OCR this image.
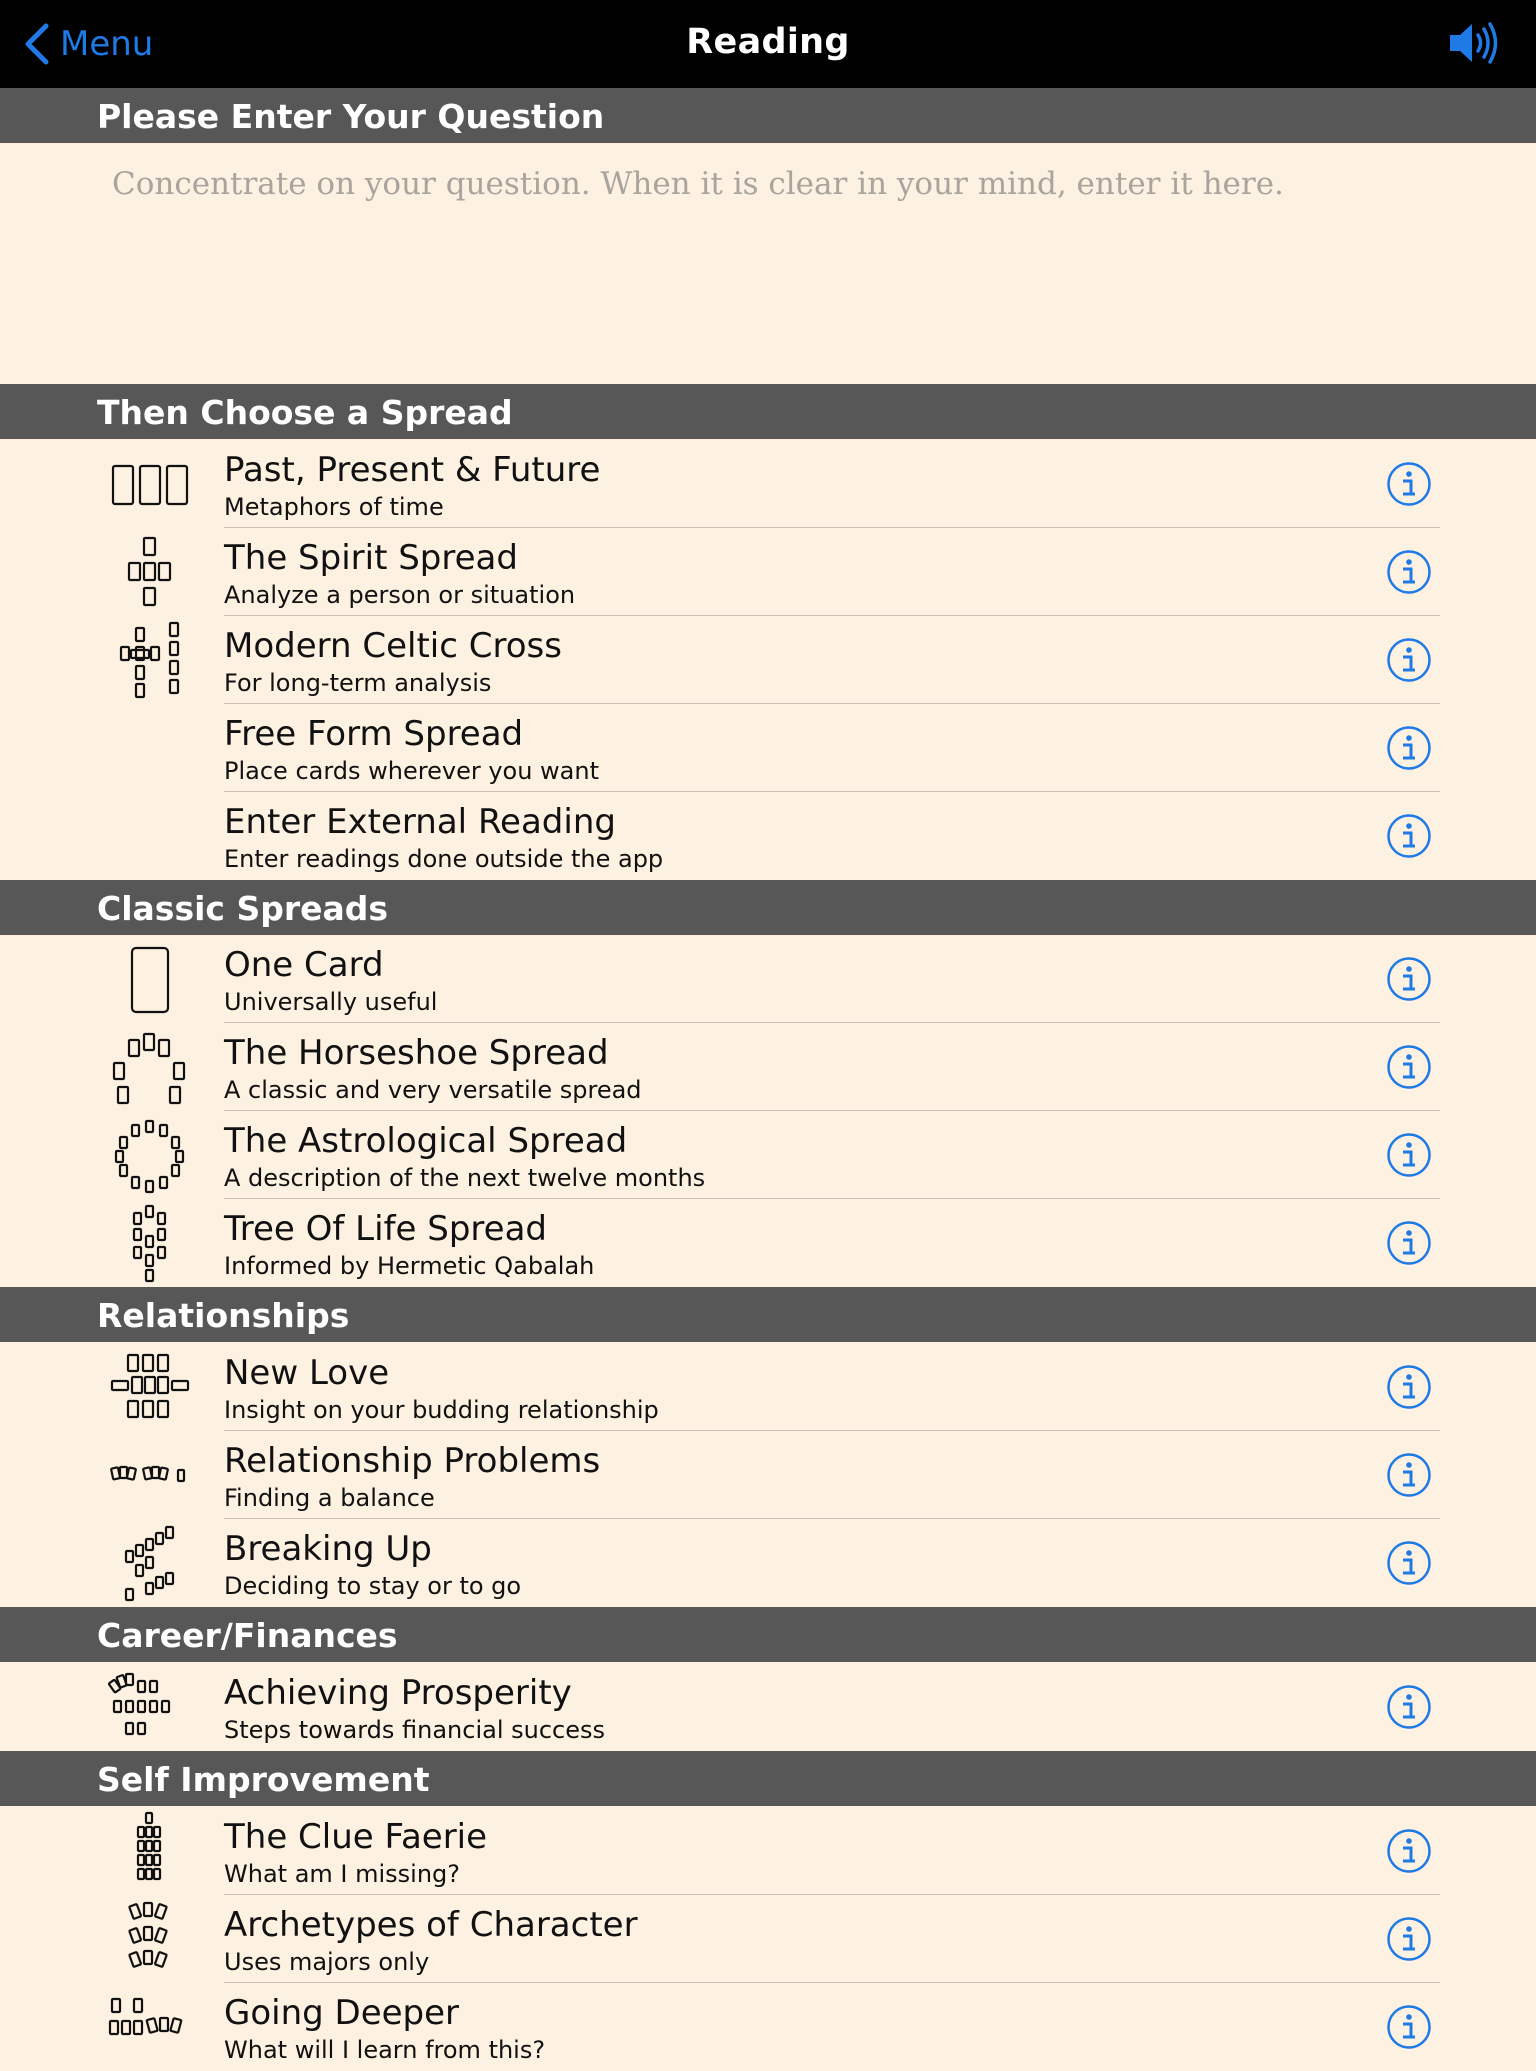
Menu	Reading
Please Enter Your Question
Concentrate on your question. When it is clear in your mind, enter it here.
Then Choose a Spread
Past, Present & Future
Metaphors of time
The Spirit Spread
Analyze a person or situation
Modern Celtic Cross
For long-term analysis
Free Form Spread
Place cards wherever you want
Enter External Reading
Enter readings done outside the app
Classic Spreads
One Card
Universally useful
The Horseshoe Spread
A classic and very versatile spread
The Astrological Spread
A description of the next twelve months
Tree Of Life Spread
Informed by Hermetic Qabalah
Relationships
New Love
Insight on your budding relationship
Relationship Problems
Finding a balance
Breaking Up
Deciding to stay or to go
Career/Finances
Achieving Prosperity
Steps towards financial success
Self Improvement
The Clue Faerie
What am I missing?
Archetypes of Character
Uses majors only
Going Deeper
What will I learn from this?
